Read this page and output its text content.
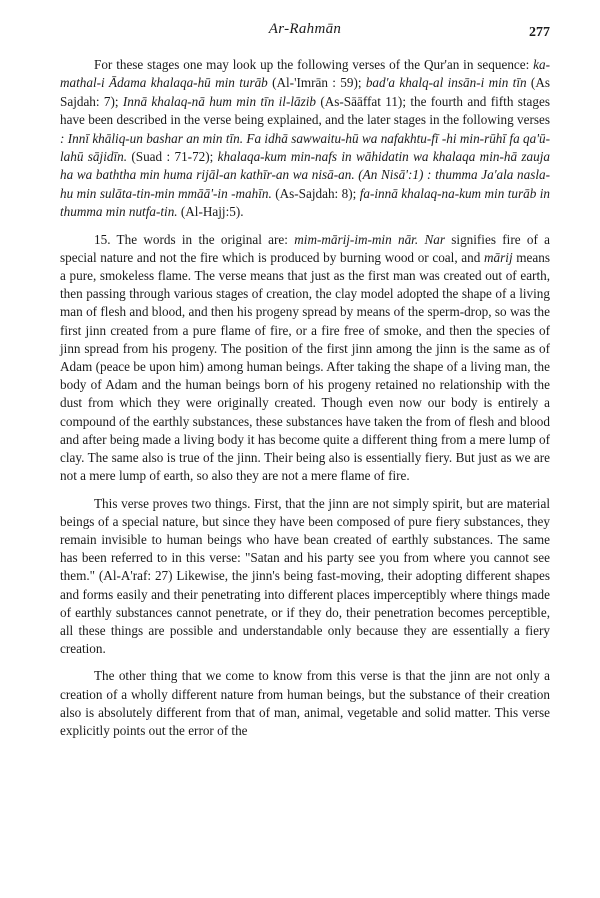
Ar-Rahmān	277

For these stages one may look up the following verses of the Qur'an in sequence: ka-mathal-i Ādama khalaqa-hū min turāb (Al-'Imrān : 59); bad'a khalq-al insān-i min tīn (As Sajdah: 7); Innā khalaq-nā hum min tīn il-lāzib (As-Sāāffat 11); the fourth and fifth stages have been described in the verse being explained, and the later stages in the following verses : Innī khāliq-un bashar an min tīn. Fa idhā sawwaitu-hū wa nafakhtu-fī -hi min-rūhī fa qa'ū-lahū sājidīn. (Suad : 71-72); khalaqa-kum min-nafs in wāhidatin wa khalaqa min-hā zauja ha wa baththa min huma rijāl-an kathīr-an wa nisā-an. (An Nisā':1) : thumma Ja'ala nasla-hu min sulāta-tin-min mmāā'-in -mahīn. (As-Sajdah: 8); fa-innā khalaq-na-kum min turāb in thumma min nutfa-tin. (Al-Hajj:5).

15. The words in the original are: mim-mārij-im-min nār. Nar signifies fire of a special nature and not the fire which is produced by burning wood or coal, and mārij means a pure, smokeless flame. The verse means that just as the first man was created out of earth, then passing through various stages of creation, the clay model adopted the shape of a living man of flesh and blood, and then his progeny spread by means of the sperm-drop, so was the first jinn created from a pure flame of fire, or a fire free of smoke, and then the species of jinn spread from his progeny. The position of the first jinn among the jinn is the same as of Adam (peace be upon him) among human beings. After taking the shape of a living man, the body of Adam and the human beings born of his progeny retained no relationship with the dust from which they were originally created. Though even now our body is entirely a compound of the earthly substances, these substances have taken the from of flesh and blood and after being made a living body it has become quite a different thing from a mere lump of clay. The same also is true of the jinn. Their being also is essentially fiery. But just as we are not a mere lump of earth, so also they are not a mere flame of fire.

This verse proves two things. First, that the jinn are not simply spirit, but are material beings of a special nature, but since they have been composed of pure fiery substances, they remain invisible to human beings who have bean created of earthly substances. The same has been referred to in this verse: "Satan and his party see you from where you cannot see them." (Al-A'raf: 27) Likewise, the jinn's being fast-moving, their adopting different shapes and forms easily and their penetrating into different places imperceptibly where things made of earthly substances cannot penetrate, or if they do, their penetration becomes perceptible, all these things are possible and understandable only because they are essentially a fiery creation.

The other thing that we come to know from this verse is that the jinn are not only a creation of a wholly different nature from human beings, but the substance of their creation also is absolutely different from that of man, animal, vegetable and solid matter. This verse explicitly points out the error of the
